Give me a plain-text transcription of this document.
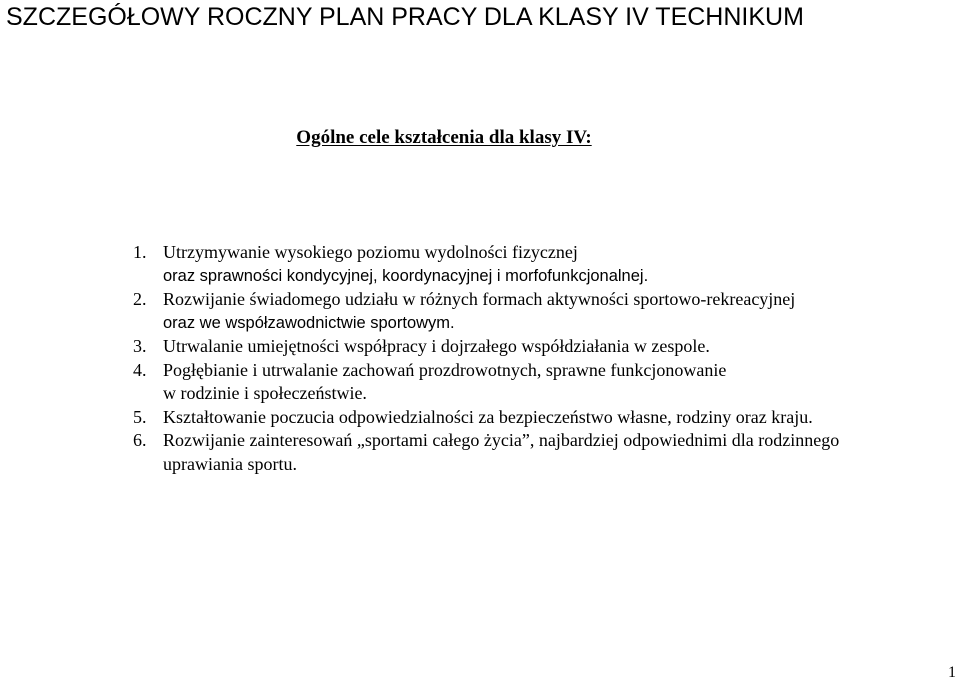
SZCZEGÓŁOWY ROCZNY PLAN PRACY DLA KLASY IV TECHNIKUM
Ogólne cele kształcenia dla klasy IV:
1. Utrzymywanie wysokiego poziomu wydolności fizycznej
oraz sprawności kondycyjnej, koordynacyjnej i morfofunkcjonalnej.
2. Rozwijanie świadomego udziału w różnych formach aktywności sportowo-rekreacyjnej
oraz we współzawodnictwie sportowym.
3. Utrwalanie umiejętności współpracy i dojrzałego współdziałania w zespole.
4. Pogłębianie i utrwalanie zachowań prozdrowotnych, sprawne funkcjonowanie
w rodzinie i społeczeństwie.
5. Kształtowanie poczucia odpowiedzialności za bezpieczeństwo własne, rodziny oraz kraju.
6. Rozwijanie zainteresowań „sportami całego życia”, najbardziej odpowiednimi dla rodzinnego
uprawiania sportu.
1
